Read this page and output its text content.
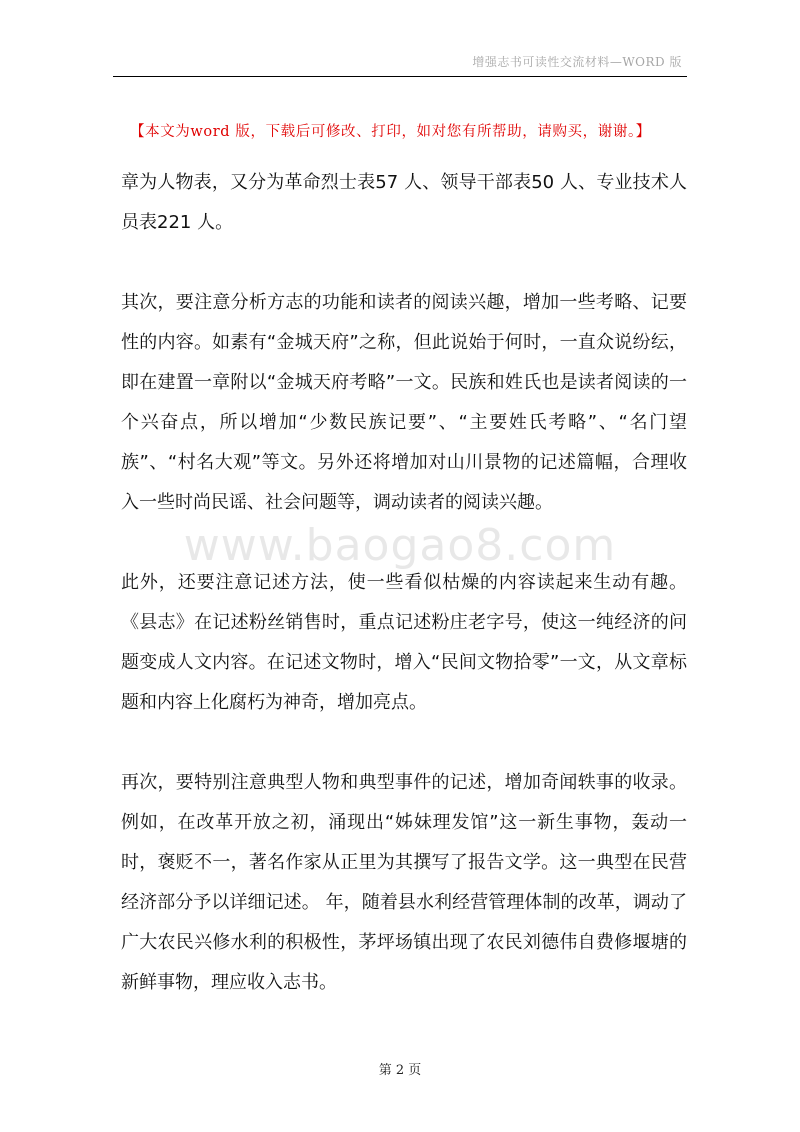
增强志书可读性交流材料—WORD 版
【本文为word 版，下载后可修改、打印，如对您有所帮助，请购买，谢谢。】
www.baogao8.com

章为人物表，又分为革命烈士表57 人、领导干部表50 人、专业技术人员表221 人。

其次，要注意分析方志的功能和读者的阅读兴趣，增加一些考略、记要性的内容。如素有“金城天府”之称，但此说始于何时，一直众说纷纭，即在建置一章附以“金城天府考略”一文。民族和姓氏也是读者阅读的一个兴奋点，所以增加“少数民族记要”、“主要姓氏考略”、“名门望族”、“村名大观”等文。另外还将增加对山川景物的记述篇幅，合理收入一些时尚民谣、社会问题等，调动读者的阅读兴趣。

此外，还要注意记述方法，使一些看似枯燥的内容读起来生动有趣。《县志》在记述粉丝销售时，重点记述粉庄老字号，使这一纯经济的问题变成人文内容。在记述文物时，增入“民间文物拾零”一文，从文章标题和内容上化腐朽为神奇，增加亮点。

再次，要特别注意典型人物和典型事件的记述，增加奇闻轶事的收录。例如，在改革开放之初，涌现出“姊妹理发馆”这一新生事物，轰动一时，褒贬不一，著名作家从正里为其撰写了报告文学。这一典型在民营经济部分予以详细记述。 年，随着县水利经营管理体制的改革，调动了广大农民兴修水利的积极性，茅坪场镇出现了农民刘德伟自费修堰塘的新鲜事物，理应收入志书。

第 2 页
